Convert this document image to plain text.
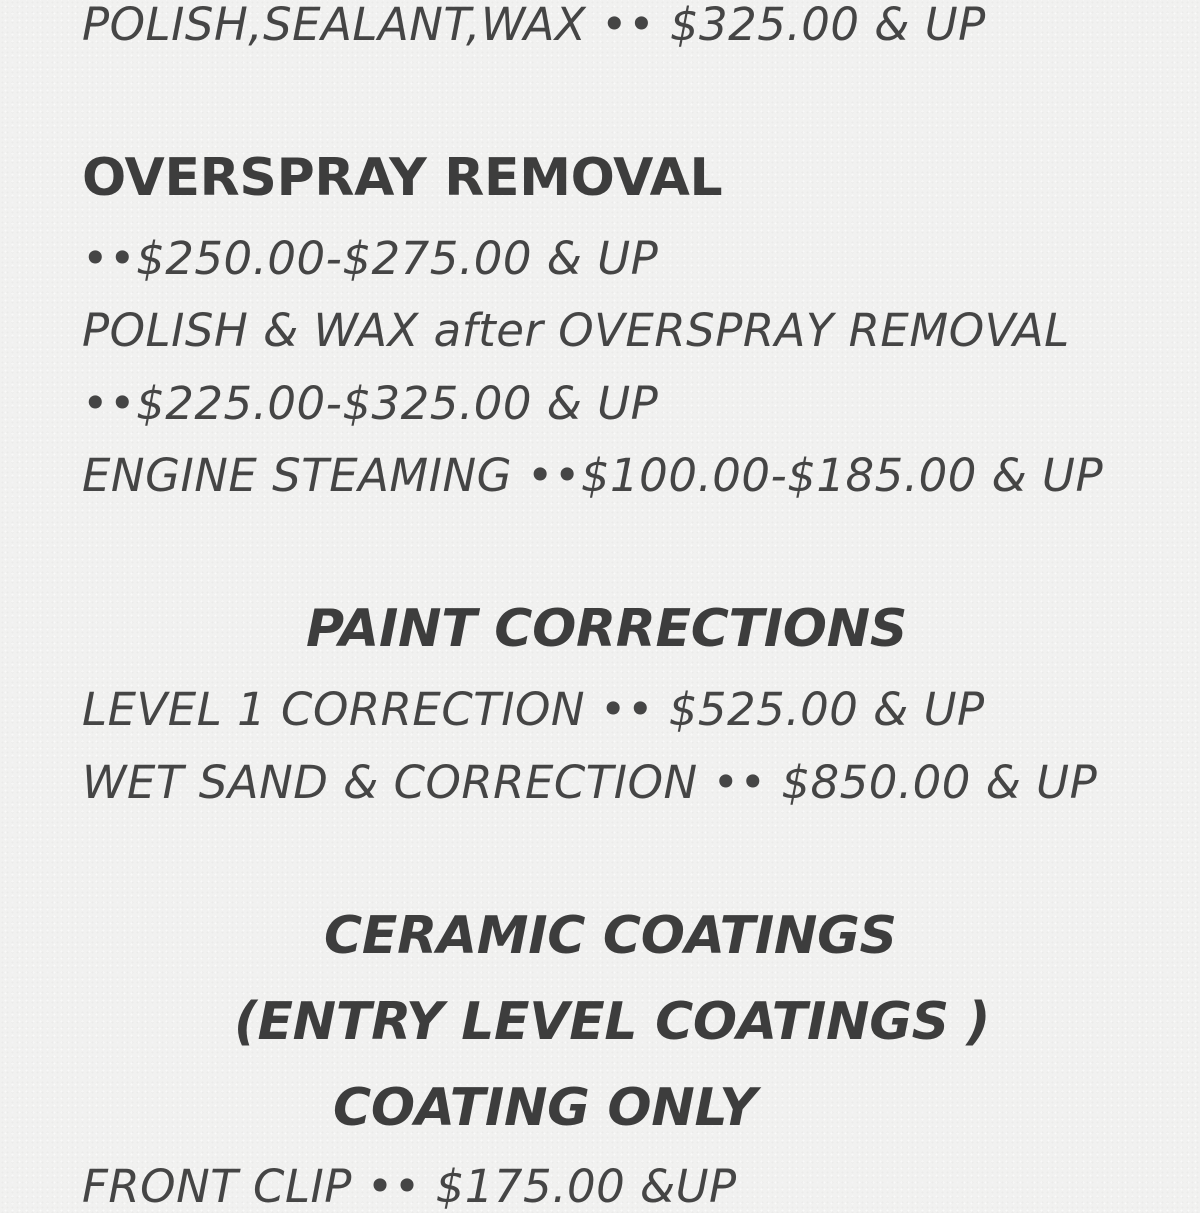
POLISH,SEALANT,WAX •• $325.00 & UP

OVERSPRAY REMOVAL

••$250.00-$275.00 & UP

POLISH & WAX after OVERSPRAY REMOVAL

••$225.00-$325.00 & UP

ENGINE STEAMING ••$100.00-$185.00 & UP

PAINT CORRECTIONS

LEVEL 1 CORRECTION •• $525.00 & UP

WET SAND & CORRECTION •• $850.00 & UP

CERAMIC COATINGS

(ENTRY LEVEL COATINGS )

COATING ONLY

FRONT CLIP •• $175.00 &UP
